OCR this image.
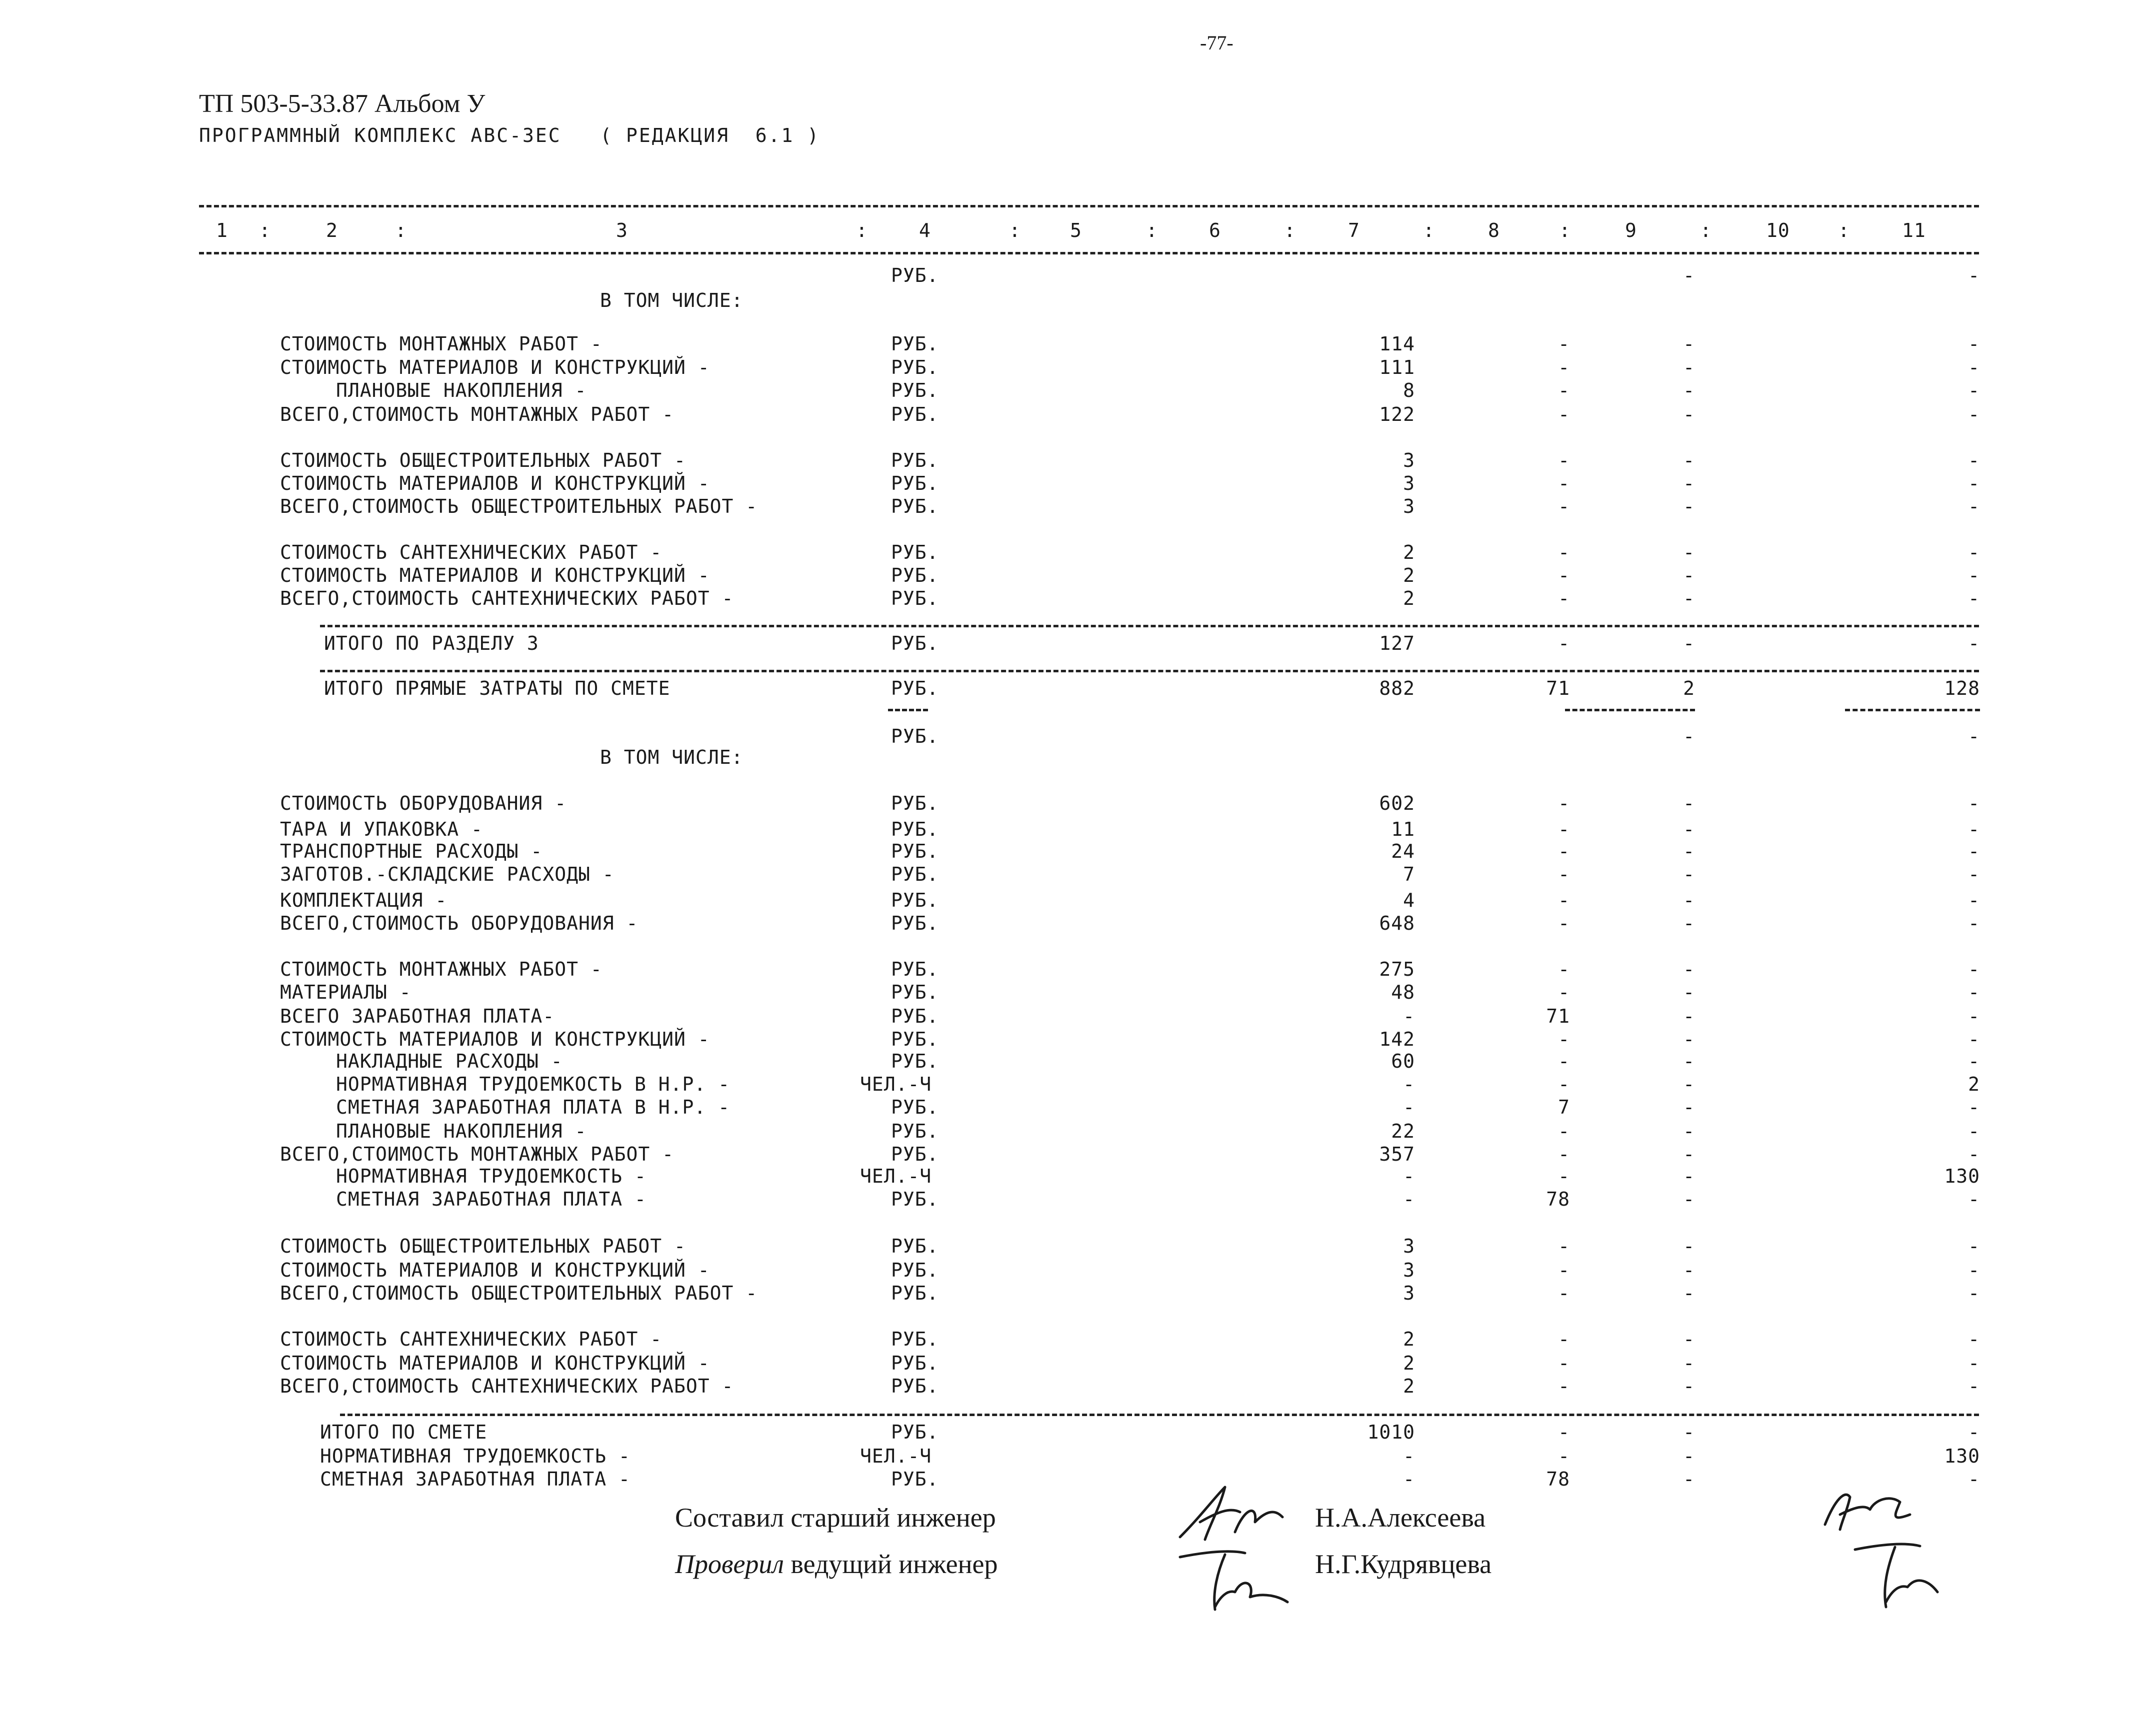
-77-
ТП 503-5-33.87 Альбом У
ПРОГРАММНЫЙ КОМПЛЕКС АВС-3ЕС   ( РЕДАКЦИЯ  6.1 )
1 :	2	:	3	:	4	:	5	:	6	:	7	:	8	:	9	:	10	:	11
РУБ.	-	-
В ТОМ ЧИСЛЕ:
СТОИМОСТЬ МОНТАЖНЫХ РАБОТ -	РУБ.	114	-	-	-
СТОИМОСТЬ МАТЕРИАЛОВ И КОНСТРУКЦИЙ -	РУБ.	111	-	-	-
ПЛАНОВЫЕ НАКОПЛЕНИЯ -	РУБ.	8	-	-	-
ВСЕГО,СТОИМОСТЬ МОНТАЖНЫХ РАБОТ -	РУБ.	122	-	-	-
СТОИМОСТЬ ОБЩЕСТРОИТЕЛЬНЫХ РАБОТ -	РУБ.	3	-	-	-
СТОИМОСТЬ МАТЕРИАЛОВ И КОНСТРУКЦИЙ -	РУБ.	3	-	-	-
ВСЕГО,СТОИМОСТЬ ОБЩЕСТРОИТЕЛЬНЫХ РАБОТ -	РУБ.	3	-	-	-
СТОИМОСТЬ САНТЕХНИЧЕСКИХ РАБОТ -	РУБ.	2	-	-	-
СТОИМОСТЬ МАТЕРИАЛОВ И КОНСТРУКЦИЙ -	РУБ.	2	-	-	-
ВСЕГО,СТОИМОСТЬ САНТЕХНИЧЕСКИХ РАБОТ -	РУБ.	2	-	-	-
ИТОГО ПО РАЗДЕЛУ 3	РУБ.	127	-	-	-
ИТОГО ПРЯМЫЕ ЗАТРАТЫ ПО СМЕТЕ	РУБ.	882	71	2	128
РУБ.	-	-
В ТОМ ЧИСЛЕ:
СТОИМОСТЬ ОБОРУДОВАНИЯ -	РУБ.	602	-	-	-
ТАРА И УПАКОВКА -	РУБ.	11	-	-	-
ТРАНСПОРТНЫЕ РАСХОДЫ -	РУБ.	24	-	-	-
ЗАГОТОВ.-СКЛАДСКИЕ РАСХОДЫ -	РУБ.	7	-	-	-
КОМПЛЕКТАЦИЯ -	РУБ.	4	-	-	-
ВСЕГО,СТОИМОСТЬ ОБОРУДОВАНИЯ -	РУБ.	648	-	-	-
СТОИМОСТЬ МОНТАЖНЫХ РАБОТ -	РУБ.	275	-	-	-
МАТЕРИАЛЫ -	РУБ.	48	-	-	-
ВСЕГО ЗАРАБОТНАЯ ПЛАТА-	РУБ.	-	71	-	-
СТОИМОСТЬ МАТЕРИАЛОВ И КОНСТРУКЦИЙ -	РУБ.	142	-	-	-
НАКЛАДНЫЕ РАСХОДЫ -	РУБ.	60	-	-	-
НОРМАТИВНАЯ ТРУДОЕМКОСТЬ В Н.Р. -	ЧЕЛ.-Ч	-	-	-	2
СМЕТНАЯ ЗАРАБОТНАЯ ПЛАТА В Н.Р. -	РУБ.	-	7	-	-
ПЛАНОВЫЕ НАКОПЛЕНИЯ -	РУБ.	22	-	-	-
ВСЕГО,СТОИМОСТЬ МОНТАЖНЫХ РАБОТ -	РУБ.	357	-	-	-
НОРМАТИВНАЯ ТРУДОЕМКОСТЬ -	ЧЕЛ.-Ч	-	-	-	130
СМЕТНАЯ ЗАРАБОТНАЯ ПЛАТА -	РУБ.	-	78	-	-
СТОИМОСТЬ ОБЩЕСТРОИТЕЛЬНЫХ РАБОТ -	РУБ.	3	-	-	-
СТОИМОСТЬ МАТЕРИАЛОВ И КОНСТРУКЦИЙ -	РУБ.	3	-	-	-
ВСЕГО,СТОИМОСТЬ ОБЩЕСТРОИТЕЛЬНЫХ РАБОТ -	РУБ.	3	-	-	-
СТОИМОСТЬ САНТЕХНИЧЕСКИХ РАБОТ -	РУБ.	2	-	-	-
СТОИМОСТЬ МАТЕРИАЛОВ И КОНСТРУКЦИЙ -	РУБ.	2	-	-	-
ВСЕГО,СТОИМОСТЬ САНТЕХНИЧЕСКИХ РАБОТ -	РУБ.	2	-	-	-
ИТОГО ПО СМЕТЕ	РУБ.	1010	-	-	-
НОРМАТИВНАЯ ТРУДОЕМКОСТЬ -	ЧЕЛ.-Ч	-	-	-	130
СМЕТНАЯ ЗАРАБОТНАЯ ПЛАТА -	РУБ.	-	78	-	-
Составил старший инженер	Н.А.Алексеева
Проверил ведущий инженер	Н.Г.Кудрявцева
